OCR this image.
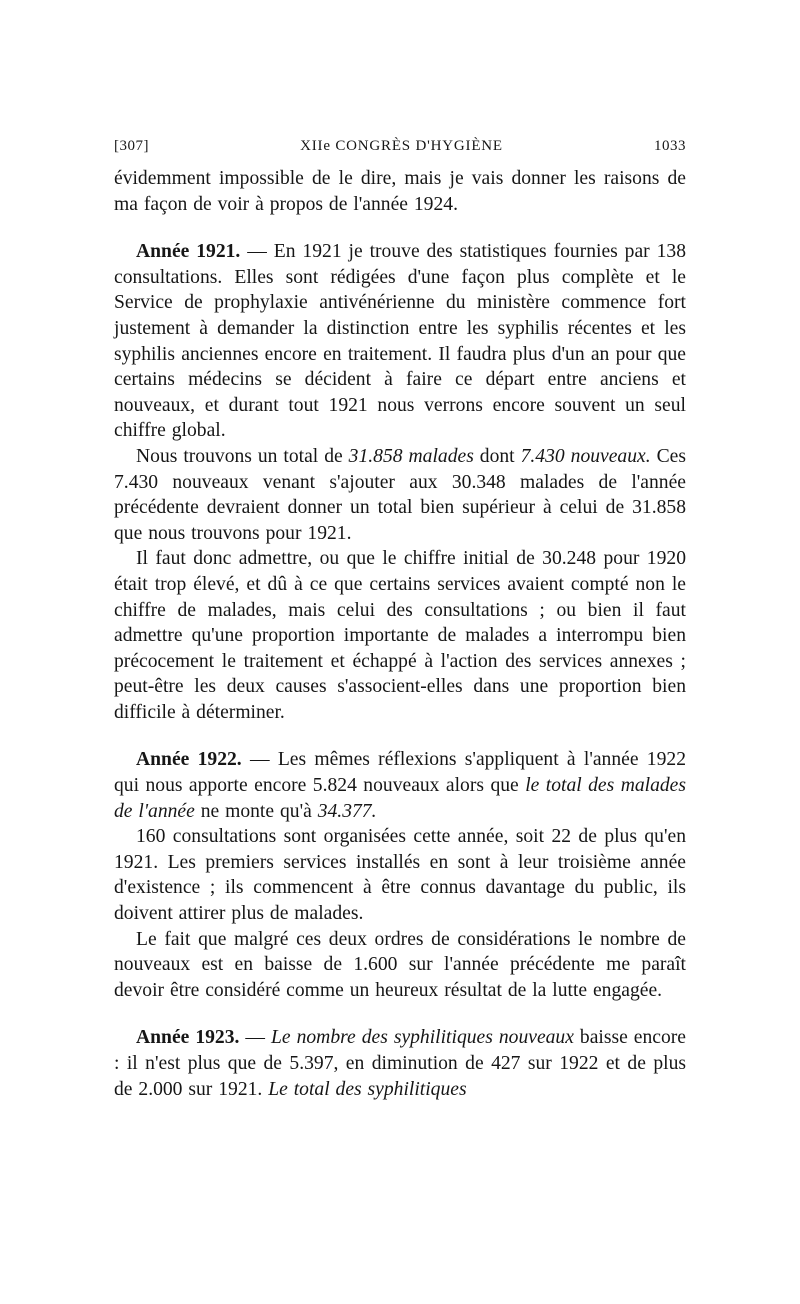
[307]	XIIe CONGRÈS D'HYGIÈNE	1033

évidemment impossible de le dire, mais je vais donner les raisons de ma façon de voir à propos de l'année 1924.

Année 1921. — En 1921 je trouve des statistiques fournies par 138 consultations. Elles sont rédigées d'une façon plus complète et le Service de prophylaxie antivénérienne du ministère commence fort justement à demander la distinction entre les syphilis récentes et les syphilis anciennes encore en traitement. Il faudra plus d'un an pour que certains médecins se décident à faire ce départ entre anciens et nouveaux, et durant tout 1921 nous verrons encore souvent un seul chiffre global.

Nous trouvons un total de 31.858 malades dont 7.430 nouveaux. Ces 7.430 nouveaux venant s'ajouter aux 30.348 malades de l'année précédente devraient donner un total bien supérieur à celui de 31.858 que nous trouvons pour 1921.

Il faut donc admettre, ou que le chiffre initial de 30.248 pour 1920 était trop élevé, et dû à ce que certains services avaient compté non le chiffre de malades, mais celui des consultations ; ou bien il faut admettre qu'une proportion importante de malades a interrompu bien précocement le traitement et échappé à l'action des services annexes ; peut-être les deux causes s'associent-elles dans une proportion bien difficile à déterminer.

Année 1922. — Les mêmes réflexions s'appliquent à l'année 1922 qui nous apporte encore 5.824 nouveaux alors que le total des malades de l'année ne monte qu'à 34.377.

160 consultations sont organisées cette année, soit 22 de plus qu'en 1921. Les premiers services installés en sont à leur troisième année d'existence ; ils commencent à être connus davantage du public, ils doivent attirer plus de malades.

Le fait que malgré ces deux ordres de considérations le nombre de nouveaux est en baisse de 1.600 sur l'année précédente me paraît devoir être considéré comme un heureux résultat de la lutte engagée.

Année 1923. — Le nombre des syphilitiques nouveaux baisse encore : il n'est plus que de 5.397, en diminution de 427 sur 1922 et de plus de 2.000 sur 1921. Le total des syphilitiques
